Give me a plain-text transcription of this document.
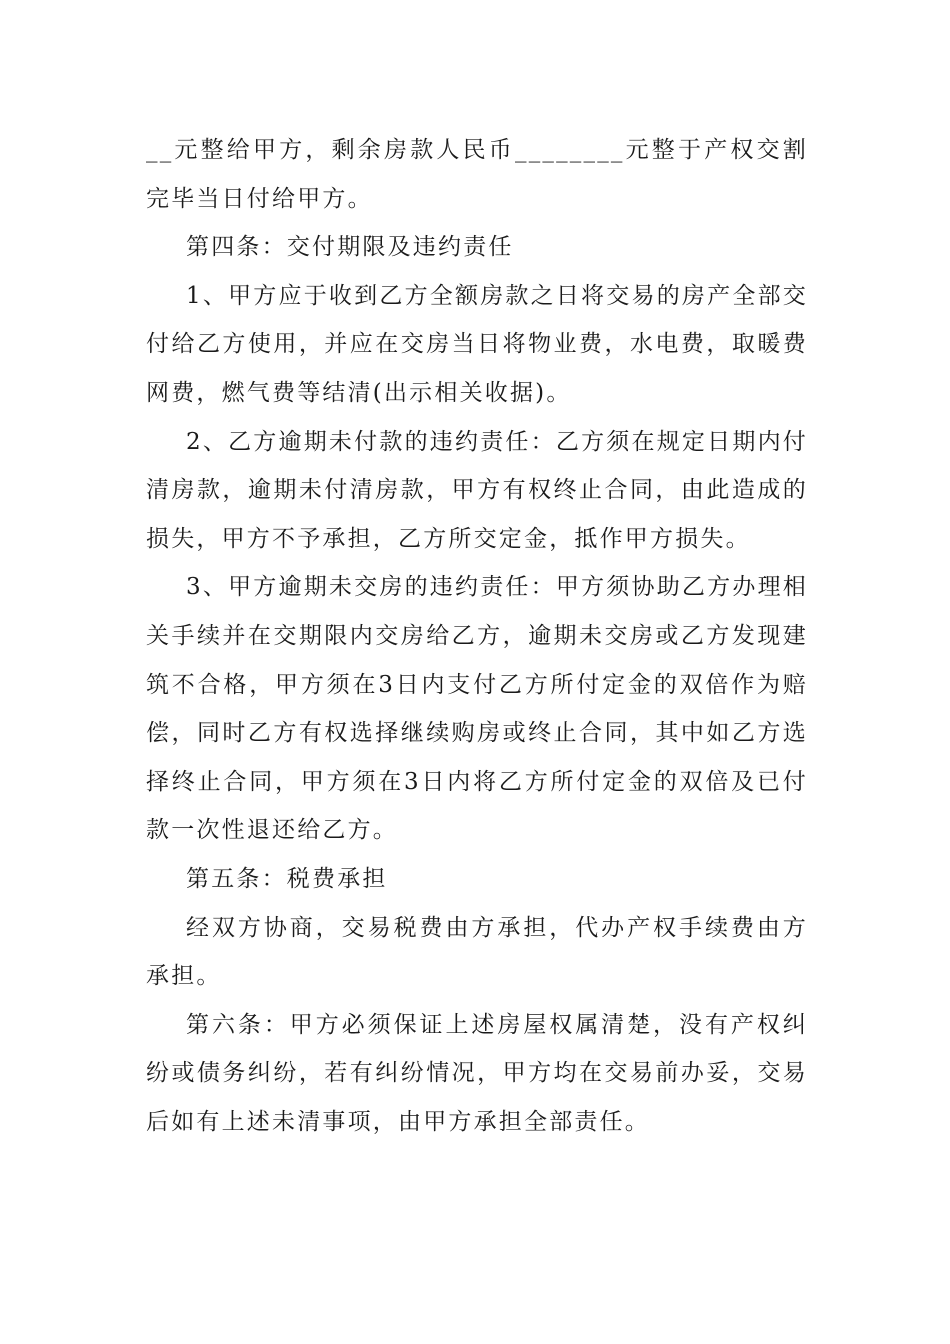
__元整给甲方，剩余房款人民币________元整于产权交割完毕当日付给甲方。

第四条：交付期限及违约责任

1、甲方应于收到乙方全额房款之日将交易的房产全部交付给乙方使用，并应在交房当日将物业费，水电费，取暖费网费，燃气费等结清(出示相关收据)。

2、乙方逾期未付款的违约责任：乙方须在规定日期内付清房款，逾期未付清房款，甲方有权终止合同，由此造成的损失，甲方不予承担，乙方所交定金，抵作甲方损失。

3、甲方逾期未交房的违约责任：甲方须协助乙方办理相关手续并在交期限内交房给乙方，逾期未交房或乙方发现建筑不合格，甲方须在3日内支付乙方所付定金的双倍作为赔偿，同时乙方有权选择继续购房或终止合同，其中如乙方选择终止合同，甲方须在3日内将乙方所付定金的双倍及已付款一次性退还给乙方。

第五条：税费承担

经双方协商，交易税费由方承担，代办产权手续费由方承担。

第六条：甲方必须保证上述房屋权属清楚，没有产权纠纷或债务纠纷，若有纠纷情况，甲方均在交易前办妥，交易后如有上述未清事项，由甲方承担全部责任。
